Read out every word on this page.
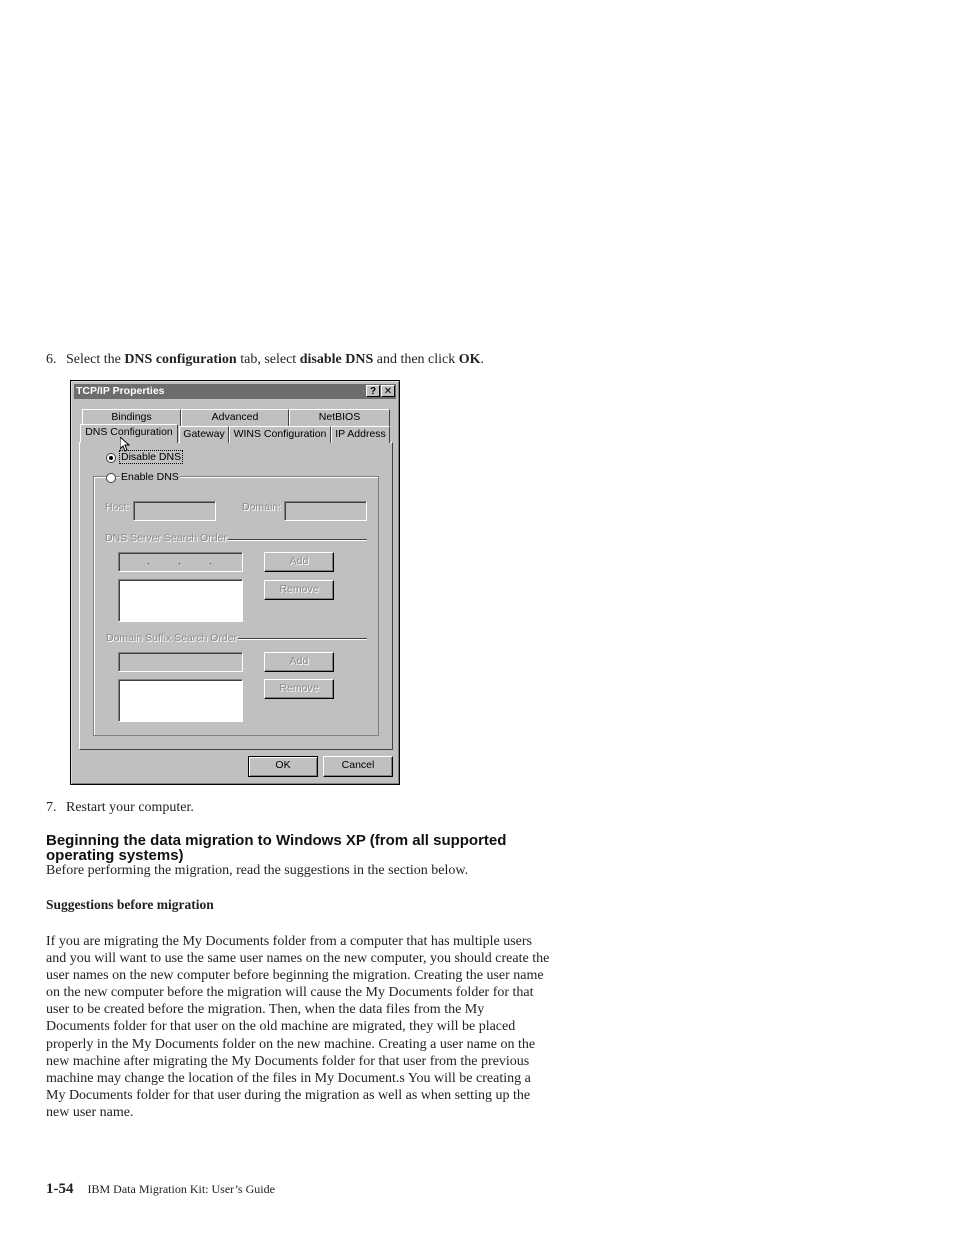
6. Select the DNS configuration tab, select disable DNS and then click OK.
TCP/IP Properties	? ✕
Bindings	Advanced	NetBIOS
DNS Configuration	Gateway WINS Configuration IP Address
Disable DNS
Enable DNS
Host:	Domain:
DNS Server Search Order
.	.	.	Add
Remove
Domain Suffix Search Order
Add
Remove
OK	Cancel
7. Restart your computer.
Beginning the data migration to Windows XP (from all supported operating systems)
Before performing the migration, read the suggestions in the section below.
Suggestions before migration
If you are migrating the My Documents folder from a computer that has multiple users and you will want to use the same user names on the new computer, you should create the user names on the new computer before beginning the migration. Creating the user name on the new computer before the migration will cause the My Documents folder for that user to be created before the migration. Then, when the data files from the My Documents folder for that user on the old machine are migrated, they will be placed properly in the My Documents folder on the new machine. Creating a user name on the new machine after migrating the My Documents folder for that user from the previous machine may change the location of the files in My Document.s You will be creating a My Documents folder for that user during the migration as well as when setting up the new user name.
1-54 IBM Data Migration Kit: User’s Guide
